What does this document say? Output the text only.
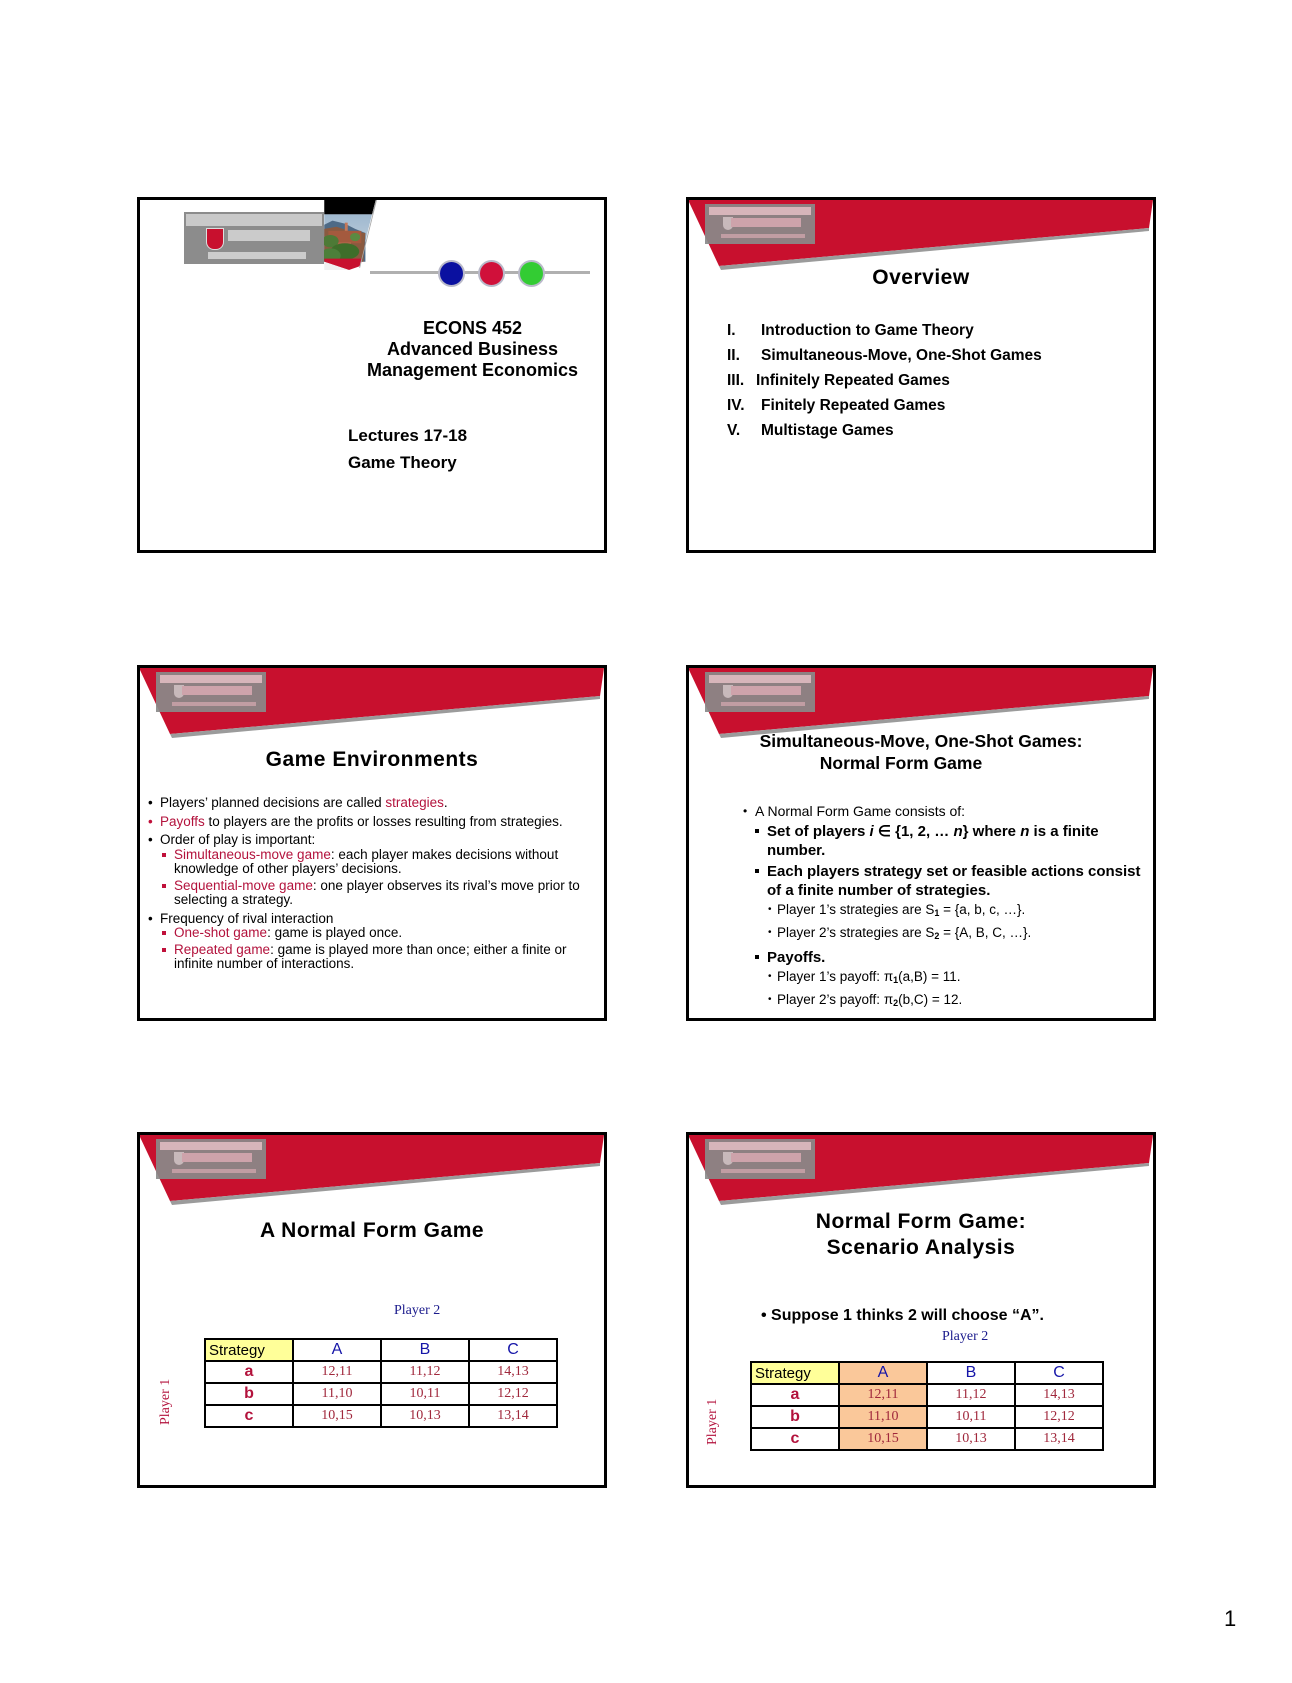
ECONS 452
Advanced Business
Management Economics
Lectures 17-18
Game Theory
Overview
I. Introduction to Game Theory
II. Simultaneous-Move, One-Shot Games
III. Infinitely Repeated Games
IV. Finitely Repeated Games
V. Multistage Games
Game Environments
• Players’ planned decisions are called strategies.
• Payoffs to players are the profits or losses resulting from strategies.
• Order of play is important:
Simultaneous-move game: each player makes decisions without knowledge of other players’ decisions.
Sequential-move game: one player observes its rival’s move prior to selecting a strategy.
• Frequency of rival interaction
One-shot game: game is played once.
Repeated game: game is played more than once; either a finite or infinite number of interactions.
Simultaneous-Move, One-Shot Games:
Normal Form Game
• A Normal Form Game consists of:
Set of players i ∈ {1, 2, … n} where n is a finite number.
Each players strategy set or feasible actions consist of a finite number of strategies.
• Player 1’s strategies are $S_1 = \{a$, b, c, …}.
• Player 2’s strategies are $S_2 = \{A$, B, C, …}.
Payoffs.
• Player 1’s payoff: $\pi_1(a,B) = 11$.
• Player 2’s payoff: $\pi_2(b,C) = 12$.
A Normal Form Game
Player 2
Player 1
Strategy	A	B	C
a	12,11	11,12	14,13
b	11,10	10,11	12,12
c	10,15	10,13	13,14
Normal Form Game:
Scenario Analysis
• Suppose 1 thinks 2 will choose “A”.
Player 2
Player 1
Strategy	A	B	C
a	12,11	11,12	14,13
b	11,10	10,11	12,12
c	10,15	10,13	13,14
1
